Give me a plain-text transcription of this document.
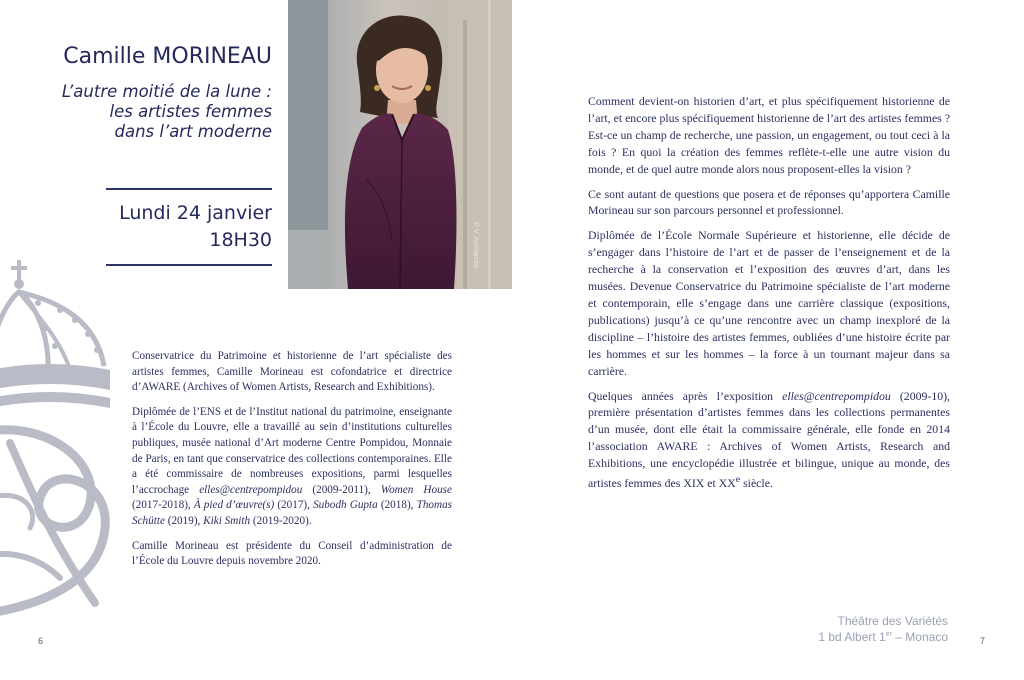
Camille MORINEAU
L’autre moitié de la lune :
les artistes femmes
dans l’art moderne
Lundi 24 janvier
18H30	© V. Archambo

Conservatrice du Patrimoine et historienne de l’art spécialiste des artistes femmes, Camille Morineau est cofondatrice et directrice d’AWARE (Archives of Women Artists, Research and Exhibitions).

Diplômée de l’ENS et de l’Institut national du patrimoine, enseignante à l’École du Louvre, elle a travaillé au sein d’institutions culturelles publiques, musée national d’Art moderne Centre Pompidou, Monnaie de Paris, en tant que conservatrice des collections contemporaines. Elle a été commissaire de nombreuses expositions, parmi lesquelles l’accrochage elles@centrepompidou (2009-2011), Women House (2017-2018), À pied d’œuvre(s) (2017), Subodh Gupta (2018), Thomas Schütte (2019), Kiki Smith (2019-2020).

Camille Morineau est présidente du Conseil d’administration de l’École du Louvre depuis novembre 2020.

Comment devient-on historien d’art, et plus spécifiquement historienne de l’art, et encore plus spécifiquement historienne de l’art des artistes femmes ? Est-ce un champ de recherche, une passion, un engagement, ou tout ceci à la fois ? En quoi la création des femmes reflète-t-elle une autre vision du monde, et de quel autre monde alors nous proposent-elles la vision ?

Ce sont autant de questions que posera et de réponses qu’apportera Camille Morineau sur son parcours personnel et professionnel.

Diplômée de l’École Normale Supérieure et historienne, elle décide de s’engager dans l’histoire de l’art et de passer de l’enseignement et de la recherche à la conservation et l’exposition des œuvres d’art, dans les musées. Devenue Conservatrice du Patrimoine spécialiste de l’art moderne et contemporain, elle s’engage dans une carrière classique (expositions, publications) jusqu’à ce qu’une rencontre avec un champ inexploré de la discipline – l’histoire des artistes femmes, oubliées d’une histoire écrite par les hommes et sur les hommes – la force à un tournant majeur dans sa carrière.

Quelques années après l’exposition elles@centrepompidou (2009-10), première présentation d’artistes femmes dans les collections permanentes d’un musée, dont elle était la commissaire générale, elle fonde en 2014 l’association AWARE : Archives of Women Artists, Research and Exhibitions, une encyclopédie illustrée et bilingue, unique au monde, des artistes femmes des XIX et XXe siècle.

Théâtre des Variétés
1 bd Albert 1er – Monaco
6	7
